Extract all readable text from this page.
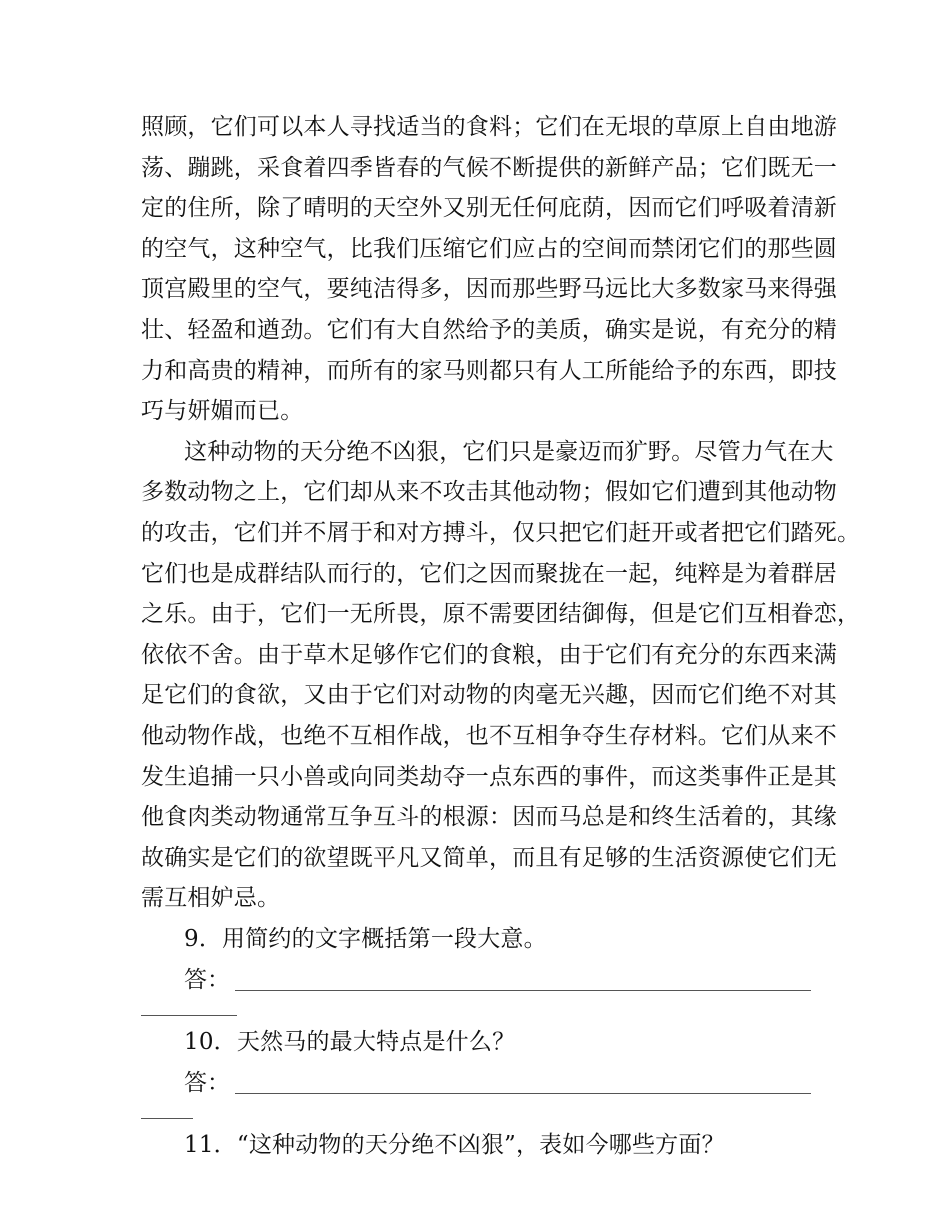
照顾，它们可以本人寻找适当的食料；它们在无垠的草原上自由地游
荡、蹦跳，采食着四季皆春的气候不断提供的新鲜产品；它们既无一
定的住所，除了晴明的天空外又别无任何庇荫，因而它们呼吸着清新
的空气，这种空气，比我们压缩它们应占的空间而禁闭它们的那些圆
顶宫殿里的空气，要纯洁得多，因而那些野马远比大多数家马来得强
壮、轻盈和遒劲。它们有大自然给予的美质，确实是说，有充分的精
力和高贵的精神，而所有的家马则都只有人工所能给予的东西，即技
巧与妍媚而已。
这种动物的天分绝不凶狠，它们只是豪迈而犷野。尽管力气在大
多数动物之上，它们却从来不攻击其他动物；假如它们遭到其他动物
的攻击，它们并不屑于和对方搏斗，仅只把它们赶开或者把它们踏死。
它们也是成群结队而行的，它们之因而聚拢在一起，纯粹是为着群居
之乐。由于，它们一无所畏，原不需要团结御侮，但是它们互相眷恋，
依依不舍。由于草木足够作它们的食粮，由于它们有充分的东西来满
足它们的食欲，又由于它们对动物的肉毫无兴趣，因而它们绝不对其
他动物作战，也绝不互相作战，也不互相争夺生存材料。它们从来不
发生追捕一只小兽或向同类劫夺一点东西的事件，而这类事件正是其
他食肉类动物通常互争互斗的根源：因而马总是和终生活着的，其缘
故确实是它们的欲望既平凡又简单，而且有足够的生活资源使它们无
需互相妒忌。
9．用简约的文字概括第一段大意。
答：
10．天然马的最大特点是什么？
答：
11．“这种动物的天分绝不凶狠”，表如今哪些方面？
